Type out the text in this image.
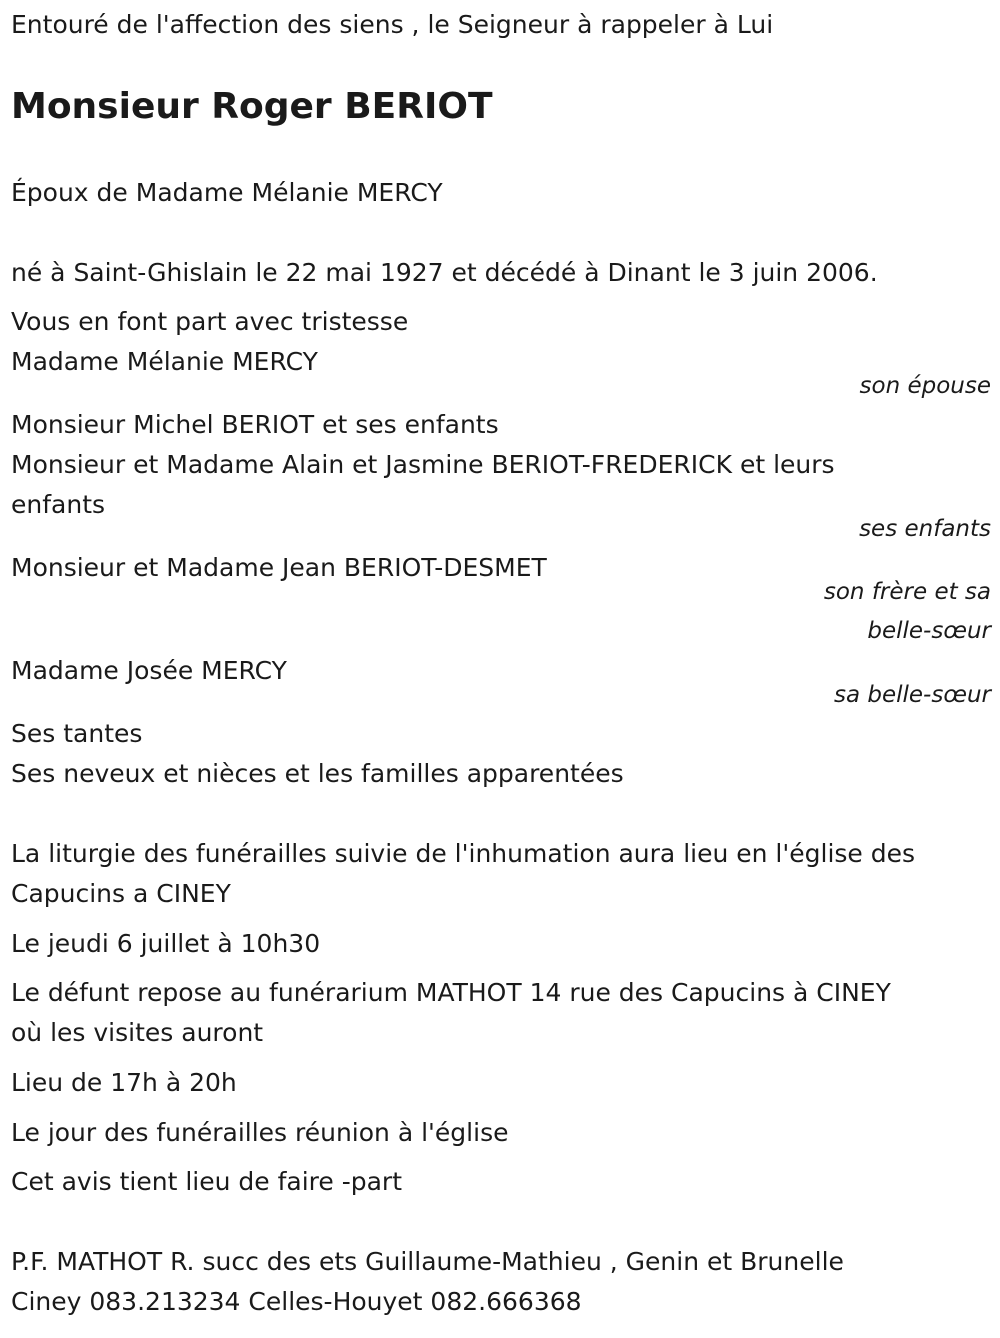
Entouré de l'affection des siens , le Seigneur à rappeler à Lui
Monsieur Roger BERIOT
Époux de Madame Mélanie MERCY
né à Saint-Ghislain le 22 mai 1927 et décédé à Dinant le 3 juin 2006.
Vous en font part avec tristesse
Madame Mélanie MERCY
son épouse
Monsieur Michel BERIOT et ses enfants
Monsieur et Madame Alain et Jasmine BERIOT-FREDERICK et leurs
enfants
ses enfants
Monsieur et Madame Jean BERIOT-DESMET
son frère et sa
belle-sœur
Madame Josée MERCY
sa belle-sœur
Ses tantes
Ses neveux et nièces et les familles apparentées
La liturgie des funérailles suivie de l'inhumation aura lieu en l'église des
Capucins a CINEY
Le jeudi 6 juillet à 10h30
Le défunt repose au funérarium MATHOT 14 rue des Capucins à CINEY
où les visites auront
Lieu de 17h à 20h
Le jour des funérailles réunion à l'église
Cet avis tient lieu de faire -part
P.F. MATHOT R. succ des ets Guillaume-Mathieu , Genin et Brunelle
Ciney 083.213234 Celles-Houyet 082.666368
